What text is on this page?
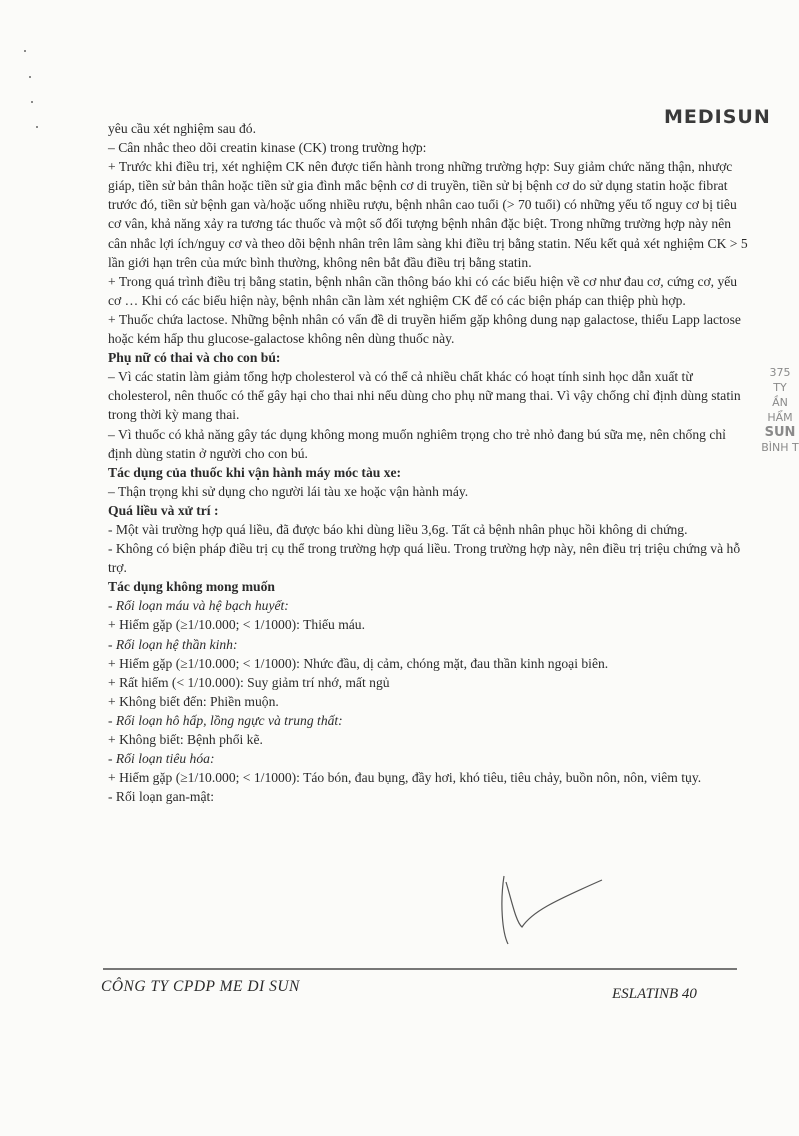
MEDISUN

yêu cầu xét nghiệm sau đó.

– Cân nhắc theo dõi creatin kinase (CK) trong trường hợp:

+ Trước khi điều trị, xét nghiệm CK nên được tiến hành trong những trường hợp: Suy giảm chức năng thận, nhược giáp, tiền sử bản thân hoặc tiền sử gia đình mắc bệnh cơ di truyền, tiền sử bị bệnh cơ do sử dụng statin hoặc fibrat trước đó, tiền sử bệnh gan và/hoặc uống nhiều rượu, bệnh nhân cao tuổi (> 70 tuổi) có những yếu tố nguy cơ bị tiêu cơ vân, khả năng xảy ra tương tác thuốc và một số đối tượng bệnh nhân đặc biệt. Trong những trường hợp này nên cân nhắc lợi ích/nguy cơ và theo dõi bệnh nhân trên lâm sàng khi điều trị bằng statin. Nếu kết quả xét nghiệm CK > 5 lần giới hạn trên của mức bình thường, không nên bắt đầu điều trị bằng statin.

+ Trong quá trình điều trị bằng statin, bệnh nhân cần thông báo khi có các biểu hiện về cơ như đau cơ, cứng cơ, yếu cơ … Khi có các biểu hiện này, bệnh nhân cần làm xét nghiệm CK để có các biện pháp can thiệp phù hợp.

+ Thuốc chứa lactose. Những bệnh nhân có vấn đề di truyền hiếm gặp không dung nạp galactose, thiếu Lapp lactose hoặc kém hấp thu glucose-galactose không nên dùng thuốc này.

Phụ nữ có thai và cho con bú:

– Vì các statin làm giảm tổng hợp cholesterol và có thể cả nhiều chất khác có hoạt tính sinh học dẫn xuất từ cholesterol, nên thuốc có thể gây hại cho thai nhi nếu dùng cho phụ nữ mang thai. Vì vậy chống chỉ định dùng statin trong thời kỳ mang thai.

– Vì thuốc có khả năng gây tác dụng không mong muốn nghiêm trọng cho trẻ nhỏ đang bú sữa mẹ, nên chống chỉ định dùng statin ở người cho con bú.

Tác dụng của thuốc khi vận hành máy móc tàu xe:

– Thận trọng khi sử dụng cho người lái tàu xe hoặc vận hành máy.

Quá liều và xử trí :

- Một vài trường hợp quá liều, đã được báo khi dùng liều 3,6g. Tất cả bệnh nhân phục hồi không di chứng.

- Không có biện pháp điều trị cụ thể trong trường hợp quá liều. Trong trường hợp này, nên điều trị triệu chứng và hỗ trợ.

Tác dụng không mong muốn

- Rối loạn máu và hệ bạch huyết:

+ Hiếm gặp (≥1/10.000; < 1/1000): Thiếu máu.

- Rối loạn hệ thần kinh:

+ Hiếm gặp (≥1/10.000; < 1/1000): Nhức đầu, dị cảm, chóng mặt, đau thần kinh ngoại biên.

+ Rất hiếm (< 1/10.000): Suy giảm trí nhớ, mất ngủ

+ Không biết đến: Phiền muộn.

- Rối loạn hô hấp, lồng ngực và trung thất:

+ Không biết: Bệnh phổi kẽ.

- Rối loạn tiêu hóa:

+ Hiếm gặp (≥1/10.000; < 1/1000): Táo bón, đau bụng, đầy hơi, khó tiêu, tiêu chảy, buồn nôn, nôn, viêm tụy.

- Rối loạn gan-mật:

375
TY
ẦN
HẨM
SUN
BÌNH T
CÔNG TY CPDP ME DI SUN	ESLATINB 40
